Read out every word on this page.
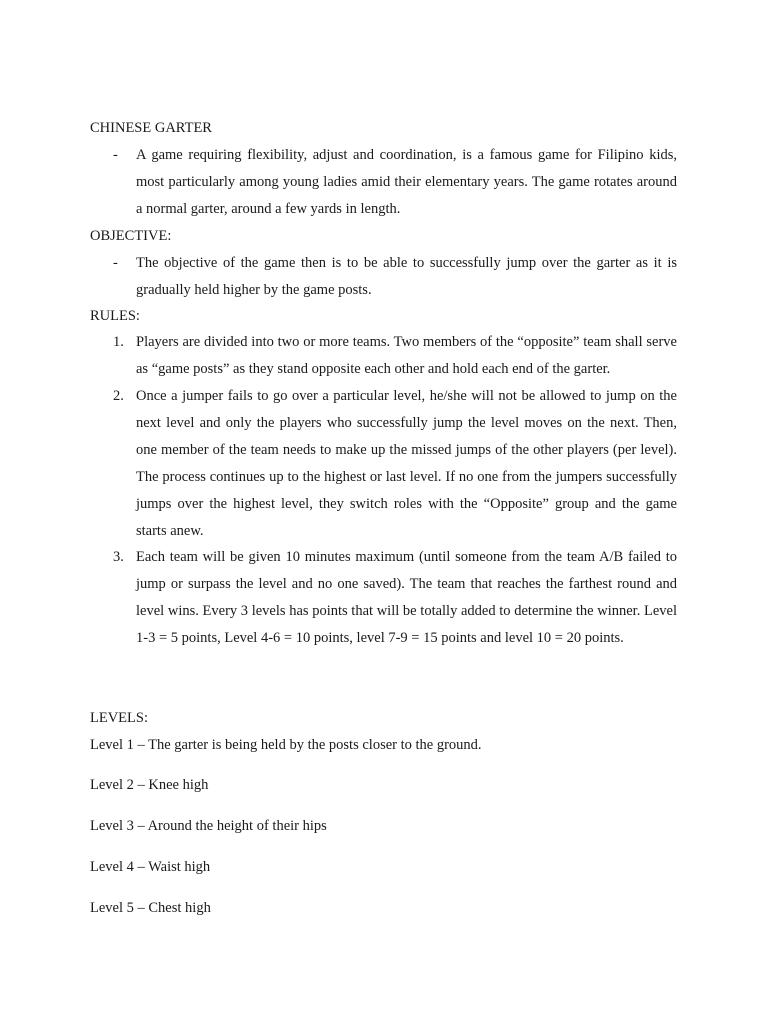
CHINESE GARTER
- A game requiring flexibility, adjust and coordination, is a famous game for Filipino kids, most particularly among young ladies amid their elementary years. The game rotates around a normal garter, around a few yards in length.

OBJECTIVE:
- The objective of the game then is to be able to successfully jump over the garter as it is gradually held higher by the game posts.

RULES:
1. Players are divided into two or more teams. Two members of the “opposite” team shall serve as “game posts” as they stand opposite each other and hold each end of the garter.

2. Once a jumper fails to go over a particular level, he/she will not be allowed to jump on the next level and only the players who successfully jump the level moves on the next. Then, one member of the team needs to make up the missed jumps of the other players (per level). The process continues up to the highest or last level. If no one from the jumpers successfully jumps over the highest level, they switch roles with the “Opposite” group and the game starts anew.

3. Each team will be given 10 minutes maximum (until someone from the team A/B failed to jump or surpass the level and no one saved). The team that reaches the farthest round and level wins. Every 3 levels has points that will be totally added to determine the winner. Level 1-3 = 5 points, Level 4-6 = 10 points, level 7-9 = 15 points and level 10 = 20 points.

LEVELS:
Level 1 – The garter is being held by the posts closer to the ground.
Level 2 – Knee high
Level 3 – Around the height of their hips
Level 4 – Waist high
Level 5 – Chest high
